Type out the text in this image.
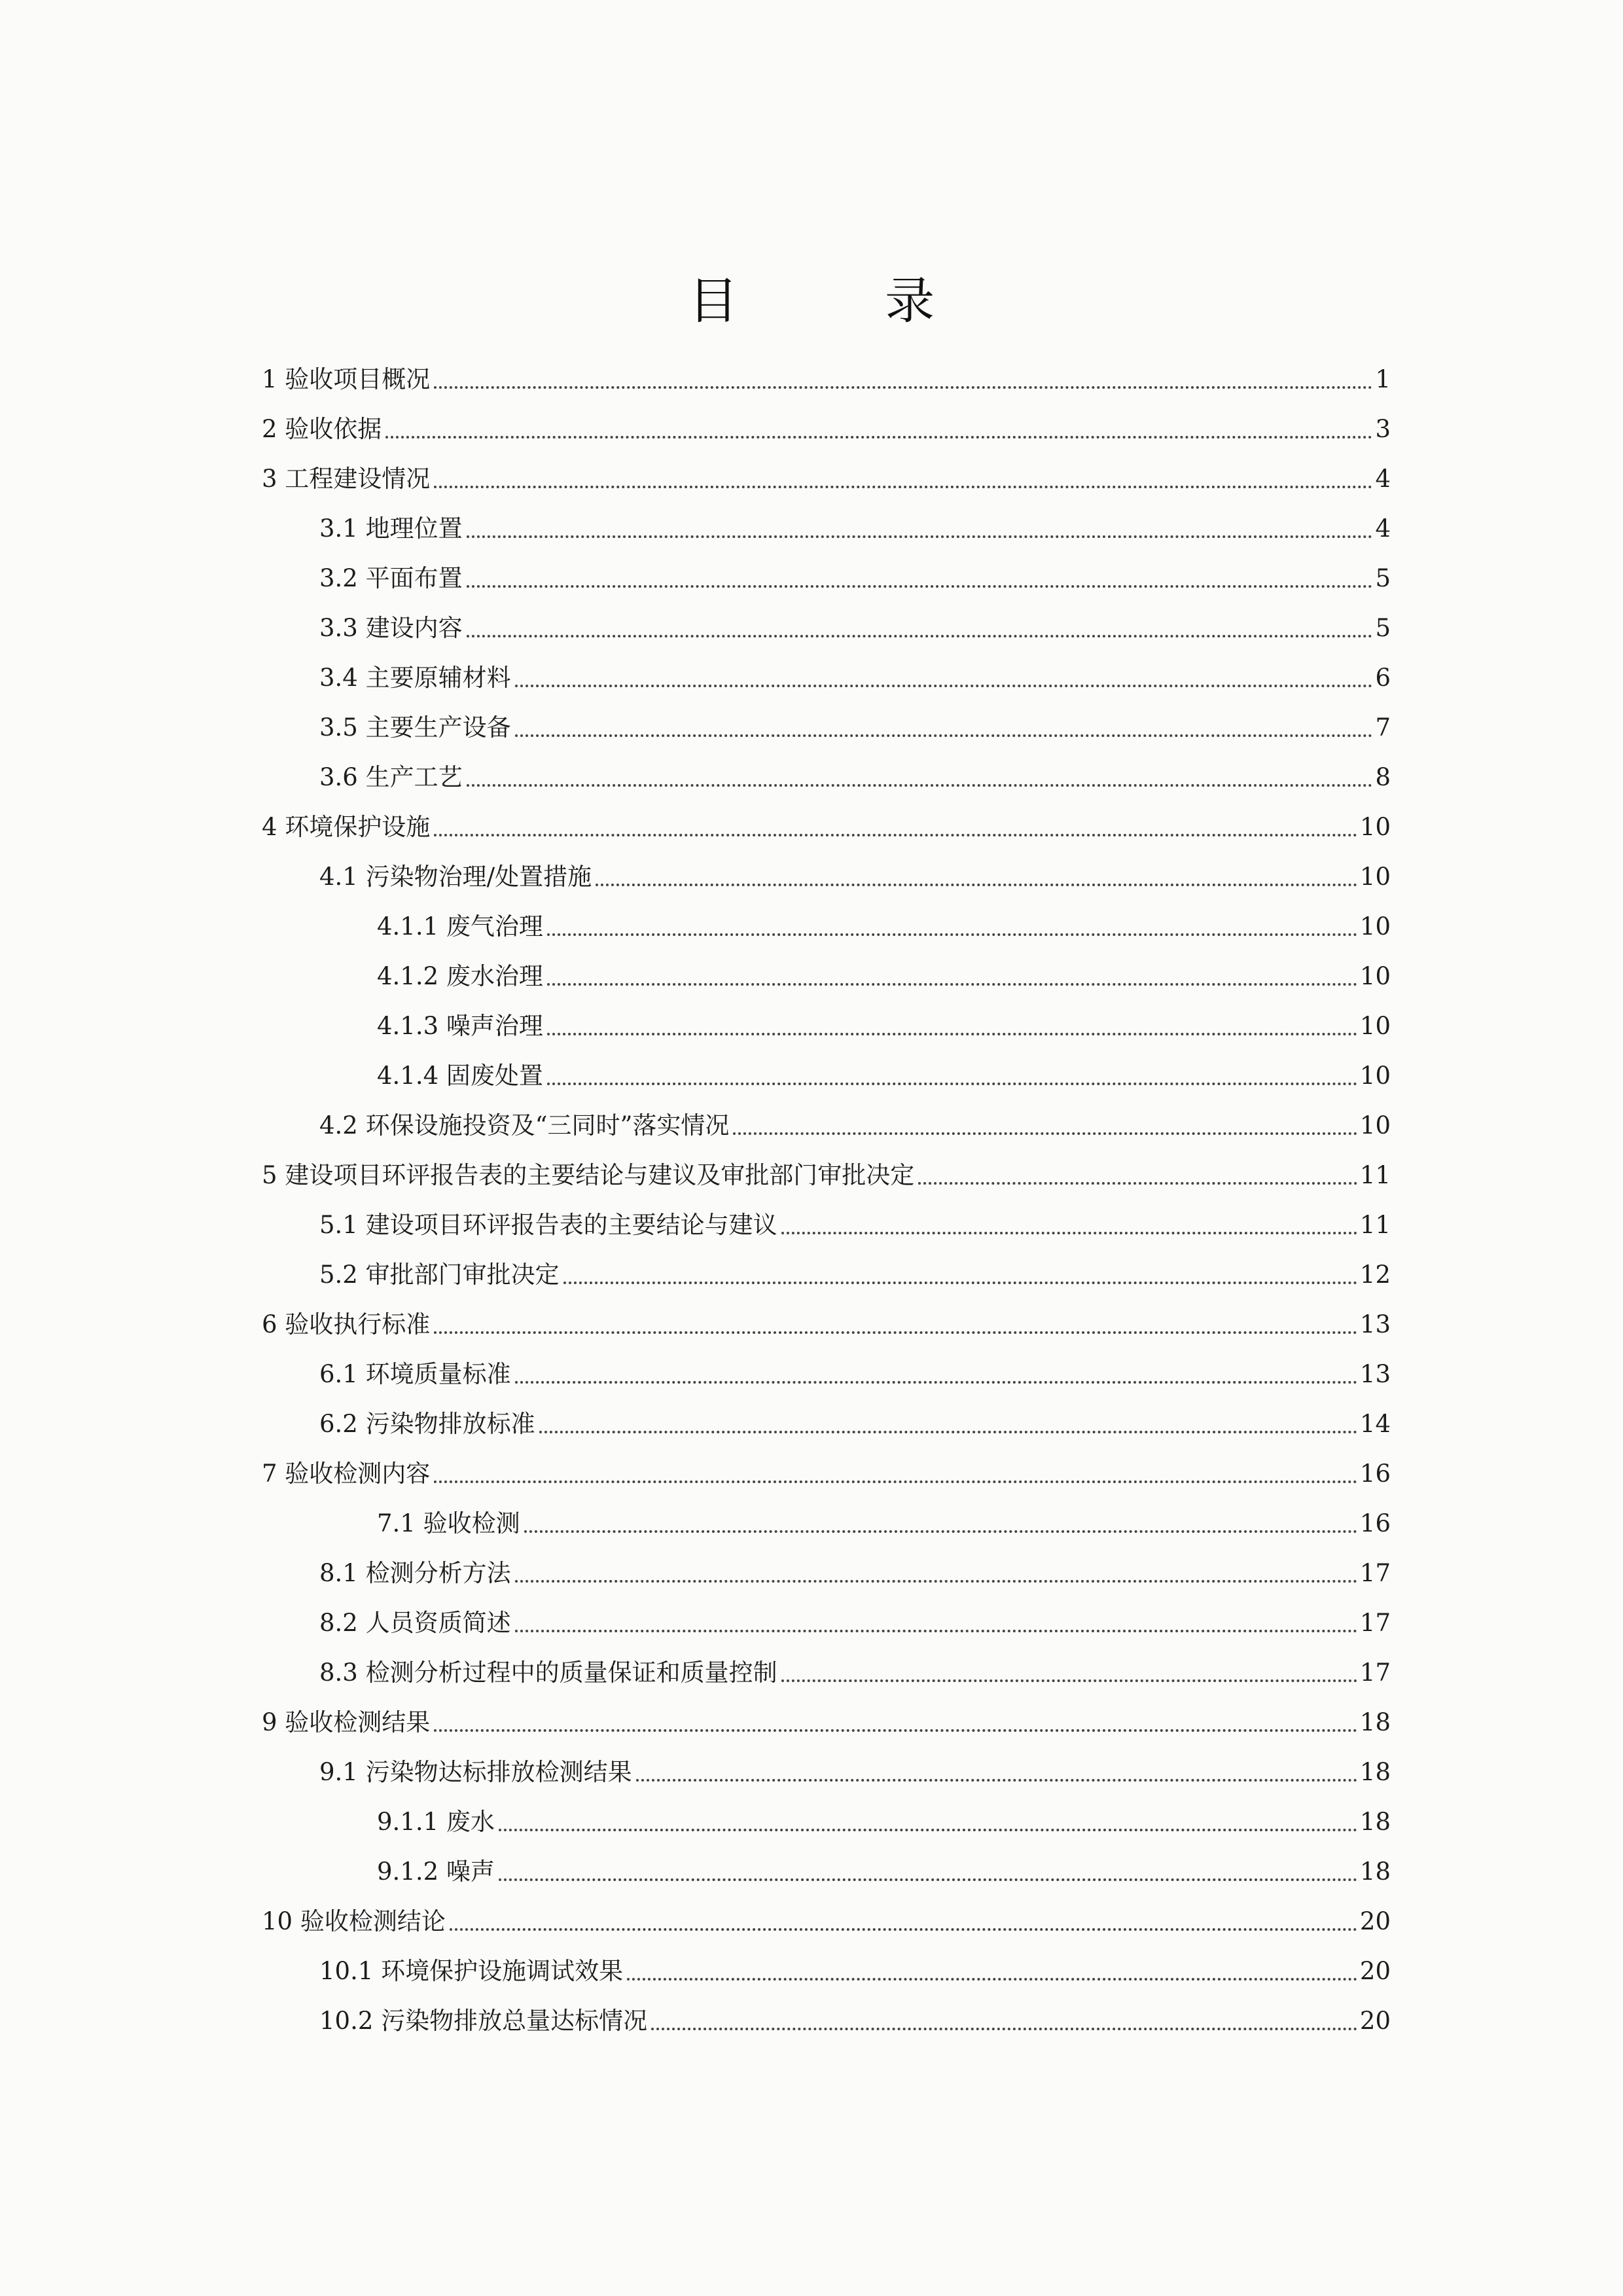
目 录
1 验收项目概况	1
2 验收依据	3
3 工程建设情况	4
3.1 地理位置	4
3.2 平面布置	5
3.3 建设内容	5
3.4 主要原辅材料	6
3.5 主要生产设备	7
3.6 生产工艺	8
4 环境保护设施	10
4.1 污染物治理/处置措施	10
4.1.1 废气治理	10
4.1.2 废水治理	10
4.1.3 噪声治理	10
4.1.4 固废处置	10
4.2 环保设施投资及“三同时”落实情况	10
5 建设项目环评报告表的主要结论与建议及审批部门审批决定	11
5.1 建设项目环评报告表的主要结论与建议	11
5.2 审批部门审批决定	12
6 验收执行标准	13
6.1 环境质量标准	13
6.2 污染物排放标准	14
7 验收检测内容	16
7.1 验收检测	16
8.1 检测分析方法	17
8.2 人员资质简述	17
8.3 检测分析过程中的质量保证和质量控制	17
9 验收检测结果	18
9.1 污染物达标排放检测结果	18
9.1.1 废水	18
9.1.2 噪声	18
10 验收检测结论	20
10.1 环境保护设施调试效果	20
10.2 污染物排放总量达标情况	20
